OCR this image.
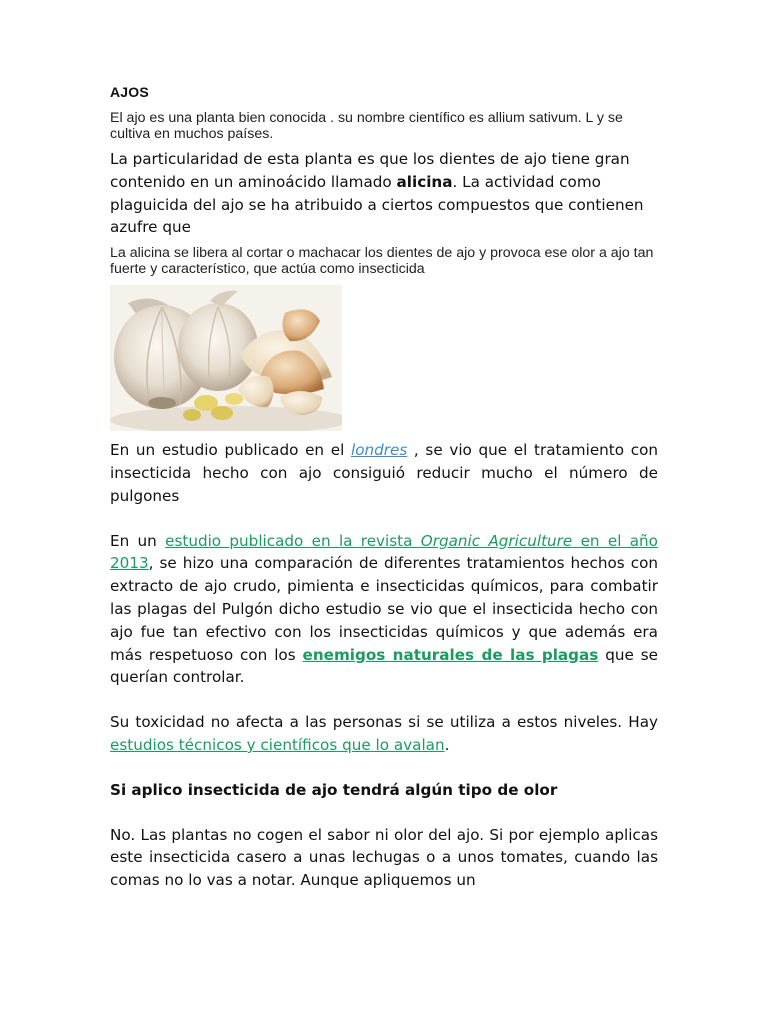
AJOS

El ajo es una planta bien conocida . su nombre científico es allium sativum. L y se cultiva en muchos países.

La particularidad de esta planta es que los dientes de ajo tiene gran contenido en un aminoácido llamado alicina. La actividad como plaguicida del ajo se ha atribuido a ciertos compuestos que contienen azufre que

La alicina se libera al cortar o machacar los dientes de ajo y provoca ese olor a ajo tan fuerte y característico, que actúa como insecticida

En un estudio publicado en el londres , se vio que el tratamiento con insecticida hecho con ajo consiguió reducir mucho el número de pulgones

En un estudio publicado en la revista Organic Agriculture en el año 2013, se hizo una comparación de diferentes tratamientos hechos con extracto de ajo crudo, pimienta e insecticidas químicos, para combatir las plagas del Pulgón dicho estudio se vio que el insecticida hecho con ajo fue tan efectivo con los insecticidas químicos y que además era más respetuoso con los enemigos naturales de las plagas que se querían controlar.

Su toxicidad no afecta a las personas si se utiliza a estos niveles. Hay estudios técnicos y científicos que lo avalan.

Si aplico insecticida de ajo tendrá algún tipo de olor

No. Las plantas no cogen el sabor ni olor del ajo. Si por ejemplo aplicas este insecticida casero a unas lechugas o a unos tomates, cuando las comas no lo vas a notar. Aunque apliquemos un
